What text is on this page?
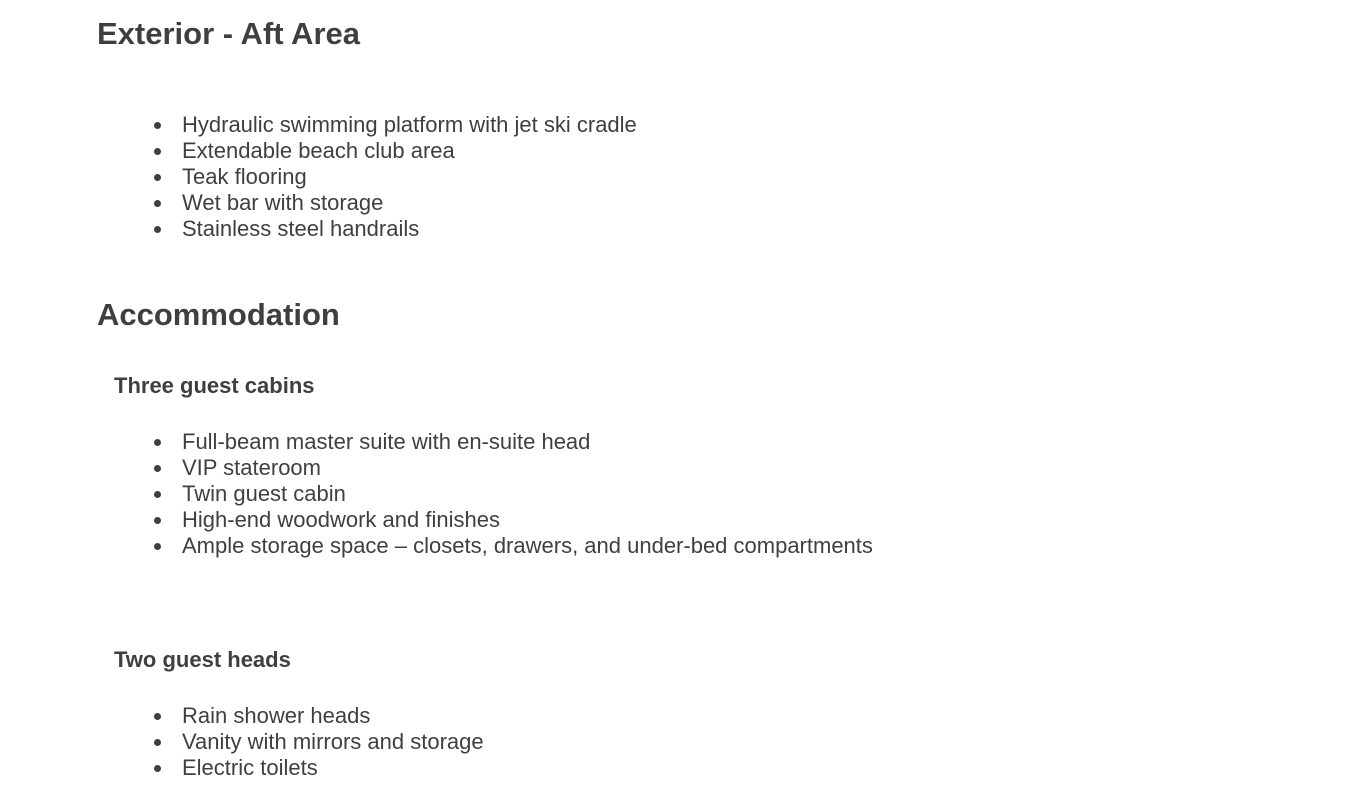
Exterior - Aft Area
Hydraulic swimming platform with jet ski cradle
Extendable beach club area
Teak flooring
Wet bar with storage
Stainless steel handrails
Accommodation
Three guest cabins
Full-beam master suite with en-suite head
VIP stateroom
Twin guest cabin
High-end woodwork and finishes
Ample storage space – closets, drawers, and under-bed compartments
Two guest heads
Rain shower heads
Vanity with mirrors and storage
Electric toilets
